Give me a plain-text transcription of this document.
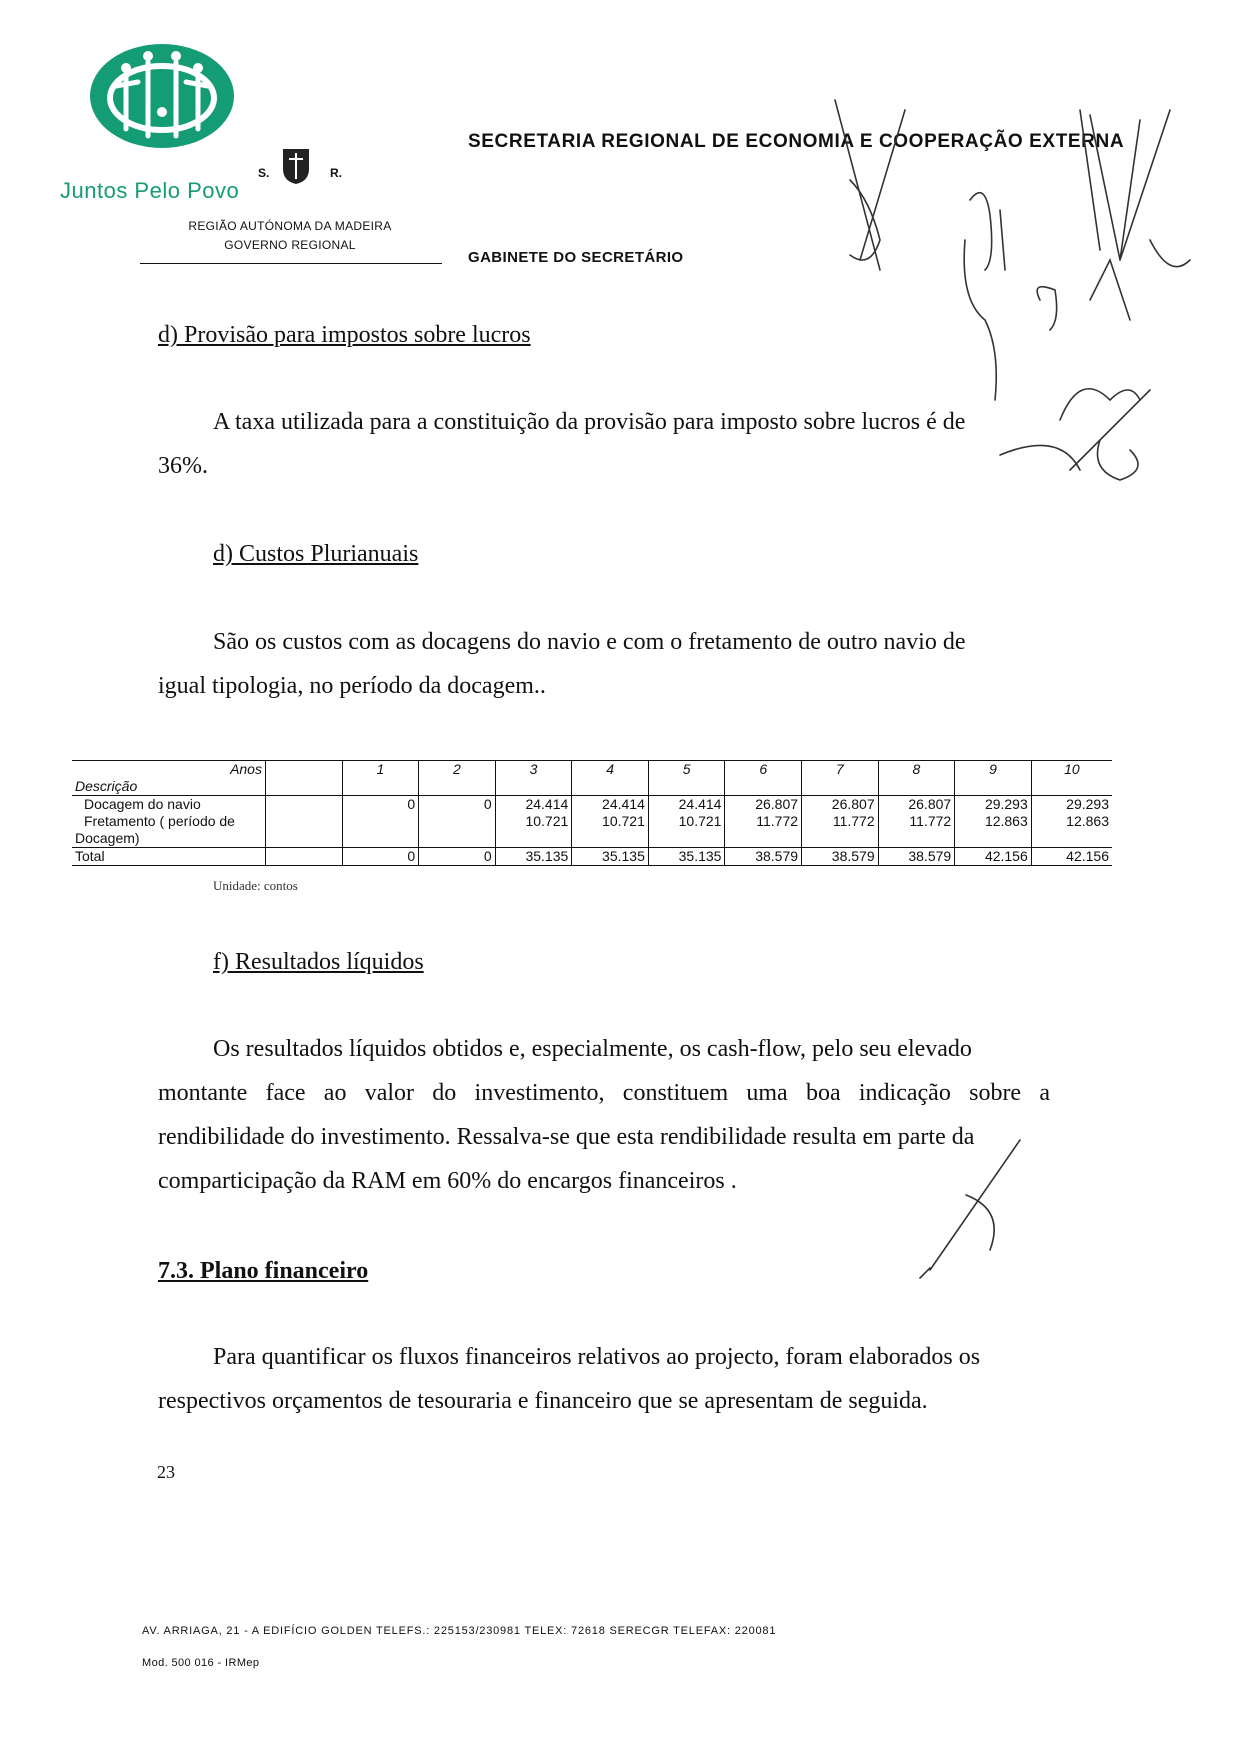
Juntos Pelo Povo
S.	R.
REGIÃO AUTÓNOMA DA MADEIRA
GOVERNO REGIONAL
SECRETARIA REGIONAL DE ECONOMIA E COOPERAÇÃO EXTERNA
GABINETE DO SECRETÁRIO
d) Provisão para impostos sobre lucros
A taxa utilizada para a constituição da provisão para imposto sobre lucros é de
36%.
d) Custos Plurianuais
São os custos com as docagens do navio e com o fretamento de outro navio de
igual tipologia, no período da docagem..
Anos		1	2	3	4	5	6	7	8	9	10
Descrição											
Docagem do navio		0	0	24.414	24.414	24.414	26.807	26.807	26.807	29.293	29.293

Fretamento ( período de
Docagem)				10.721	10.721	10.721	11.772	11.772	11.772	12.863	12.863
Total		0	0	35.135	35.135	35.135	38.579	38.579	38.579	42.156	42.156
Unidade: contos
f) Resultados líquidos
Os resultados líquidos obtidos e, especialmente, os cash-flow, pelo seu elevado
montante face ao valor do investimento, constituem uma boa indicação sobre a
rendibilidade do investimento. Ressalva-se que esta rendibilidade resulta em parte da
comparticipação da RAM em 60% do encargos financeiros .
7.3. Plano financeiro
Para quantificar os fluxos financeiros relativos ao projecto, foram elaborados os
respectivos orçamentos de tesouraria e financeiro que se apresentam de seguida.
23
AV. ARRIAGA, 21 - A EDIFÍCIO GOLDEN TELEFS.: 225153/230981 TELEX: 72618 SERECGR TELEFAX: 220081
Mod. 500 016 - IRMep
